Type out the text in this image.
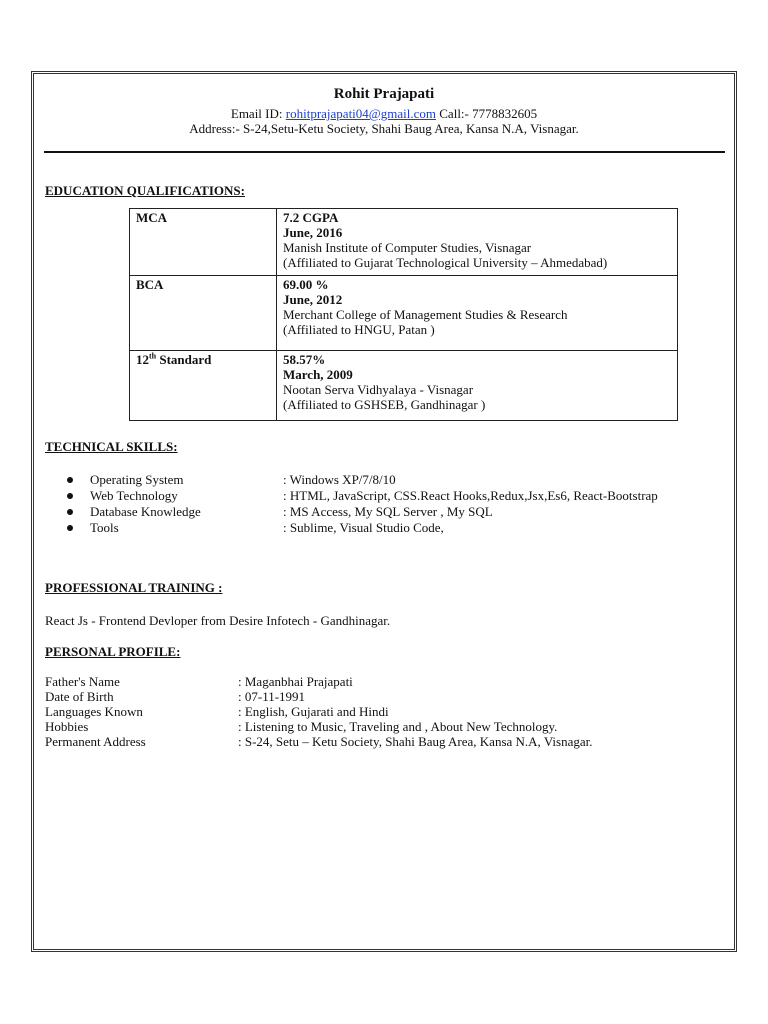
Rohit Prajapati
Email ID: rohitprajapati04@gmail.com Call:- 7778832605
Address:- S-24,Setu-Ketu Society, Shahi Baug Area, Kansa N.A, Visnagar.
EDUCATION QUALIFICATIONS:
MCA	7.2 CGPA
June, 2016
Manish Institute of Computer Studies, Visnagar
(Affiliated to Gujarat Technological University – Ahmedabad)

BCA	69.00 %
June, 2012
Merchant College of Management Studies & Research
(Affiliated to HNGU, Patan )

12th Standard	58.57%
March, 2009
Nootan Serva Vidhyalaya - Visnagar
(Affiliated to GSHSEB, Gandhinagar )
TECHNICAL SKILLS:
Operating System	: Windows XP/7/8/10
Web Technology	: HTML, JavaScript, CSS.React Hooks,Redux,Jsx,Es6, React-Bootstrap
Database Knowledge	: MS Access, My SQL Server , My SQL
Tools	: Sublime, Visual Studio Code,
PROFESSIONAL TRAINING :
React Js - Frontend Devloper from Desire Infotech - Gandhinagar.
PERSONAL PROFILE:
Father's Name	: Maganbhai Prajapati
Date of Birth	: 07-11-1991
Languages Known	: English, Gujarati and Hindi
Hobbies	: Listening to Music, Traveling and , About New Technology.
Permanent Address	: S-24, Setu – Ketu Society, Shahi Baug Area, Kansa N.A, Visnagar.
